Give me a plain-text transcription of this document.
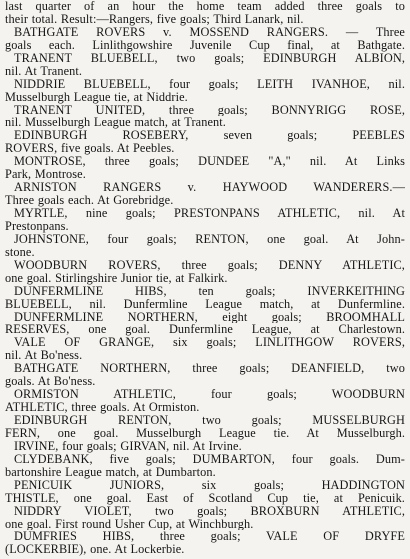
last quarter of an hour the home team added three goals to
their total. Result:—Rangers, five goals; Third Lanark, nil.
BATHGATE ROVERS v. MOSSEND RANGERS. — Three
goals each. Linlithgowshire Juvenile Cup final, at Bathgate.
TRANENT BLUEBELL, two goals; EDINBURGH ALBION,
nil. At Tranent.
NIDDRIE BLUEBELL, four goals; LEITH IVANHOE, nil.
Musselburgh League tie, at Niddrie.
TRANENT UNITED, three goals; BONNYRIGG ROSE,
nil. Musselburgh League match, at Tranent.
EDINBURGH ROSEBERY, seven goals; PEEBLES
ROVERS, five goals. At Peebles.
MONTROSE, three goals; DUNDEE "A," nil. At Links
Park, Montrose.
ARNISTON RANGERS v. HAYWOOD WANDERERS.—
Three goals each. At Gorebridge.
MYRTLE, nine goals; PRESTONPANS ATHLETIC, nil. At
Prestonpans.
JOHNSTONE, four goals; RENTON, one goal. At John-
stone.
WOODBURN ROVERS, three goals; DENNY ATHLETIC,
one goal. Stirlingshire Junior tie, at Falkirk.
DUNFERMLINE HIBS, ten goals; INVERKEITHING
BLUEBELL, nil. Dunfermline League match, at Dunfermline.
DUNFERMLINE NORTHERN, eight goals; BROOMHALL
RESERVES, one goal. Dunfermline League, at Charlestown.
VALE OF GRANGE, six goals; LINLITHGOW ROVERS,
nil. At Bo'ness.
BATHGATE NORTHERN, three goals; DEANFIELD, two
goals. At Bo'ness.
ORMISTON ATHLETIC, four goals; WOODBURN
ATHLETIC, three goals. At Ormiston.
EDINBURGH RENTON, two goals; MUSSELBURGH
FERN, one goal. Musselburgh League tie. At Musselburgh.
IRVINE, four goals; GIRVAN, nil. At Irvine.
CLYDEBANK, five goals; DUMBARTON, four goals. Dum-
bartonshire League match, at Dumbarton.
PENICUIK JUNIORS, six goals; HADDINGTON
THISTLE, one goal. East of Scotland Cup tie, at Penicuik.
NIDDRY VIOLET, two goals; BROXBURN ATHLETIC,
one goal. First round Usher Cup, at Winchburgh.
DUMFRIES HIBS, three goals; VALE OF DRYFE
(LOCKERBIE), one. At Lockerbie.
